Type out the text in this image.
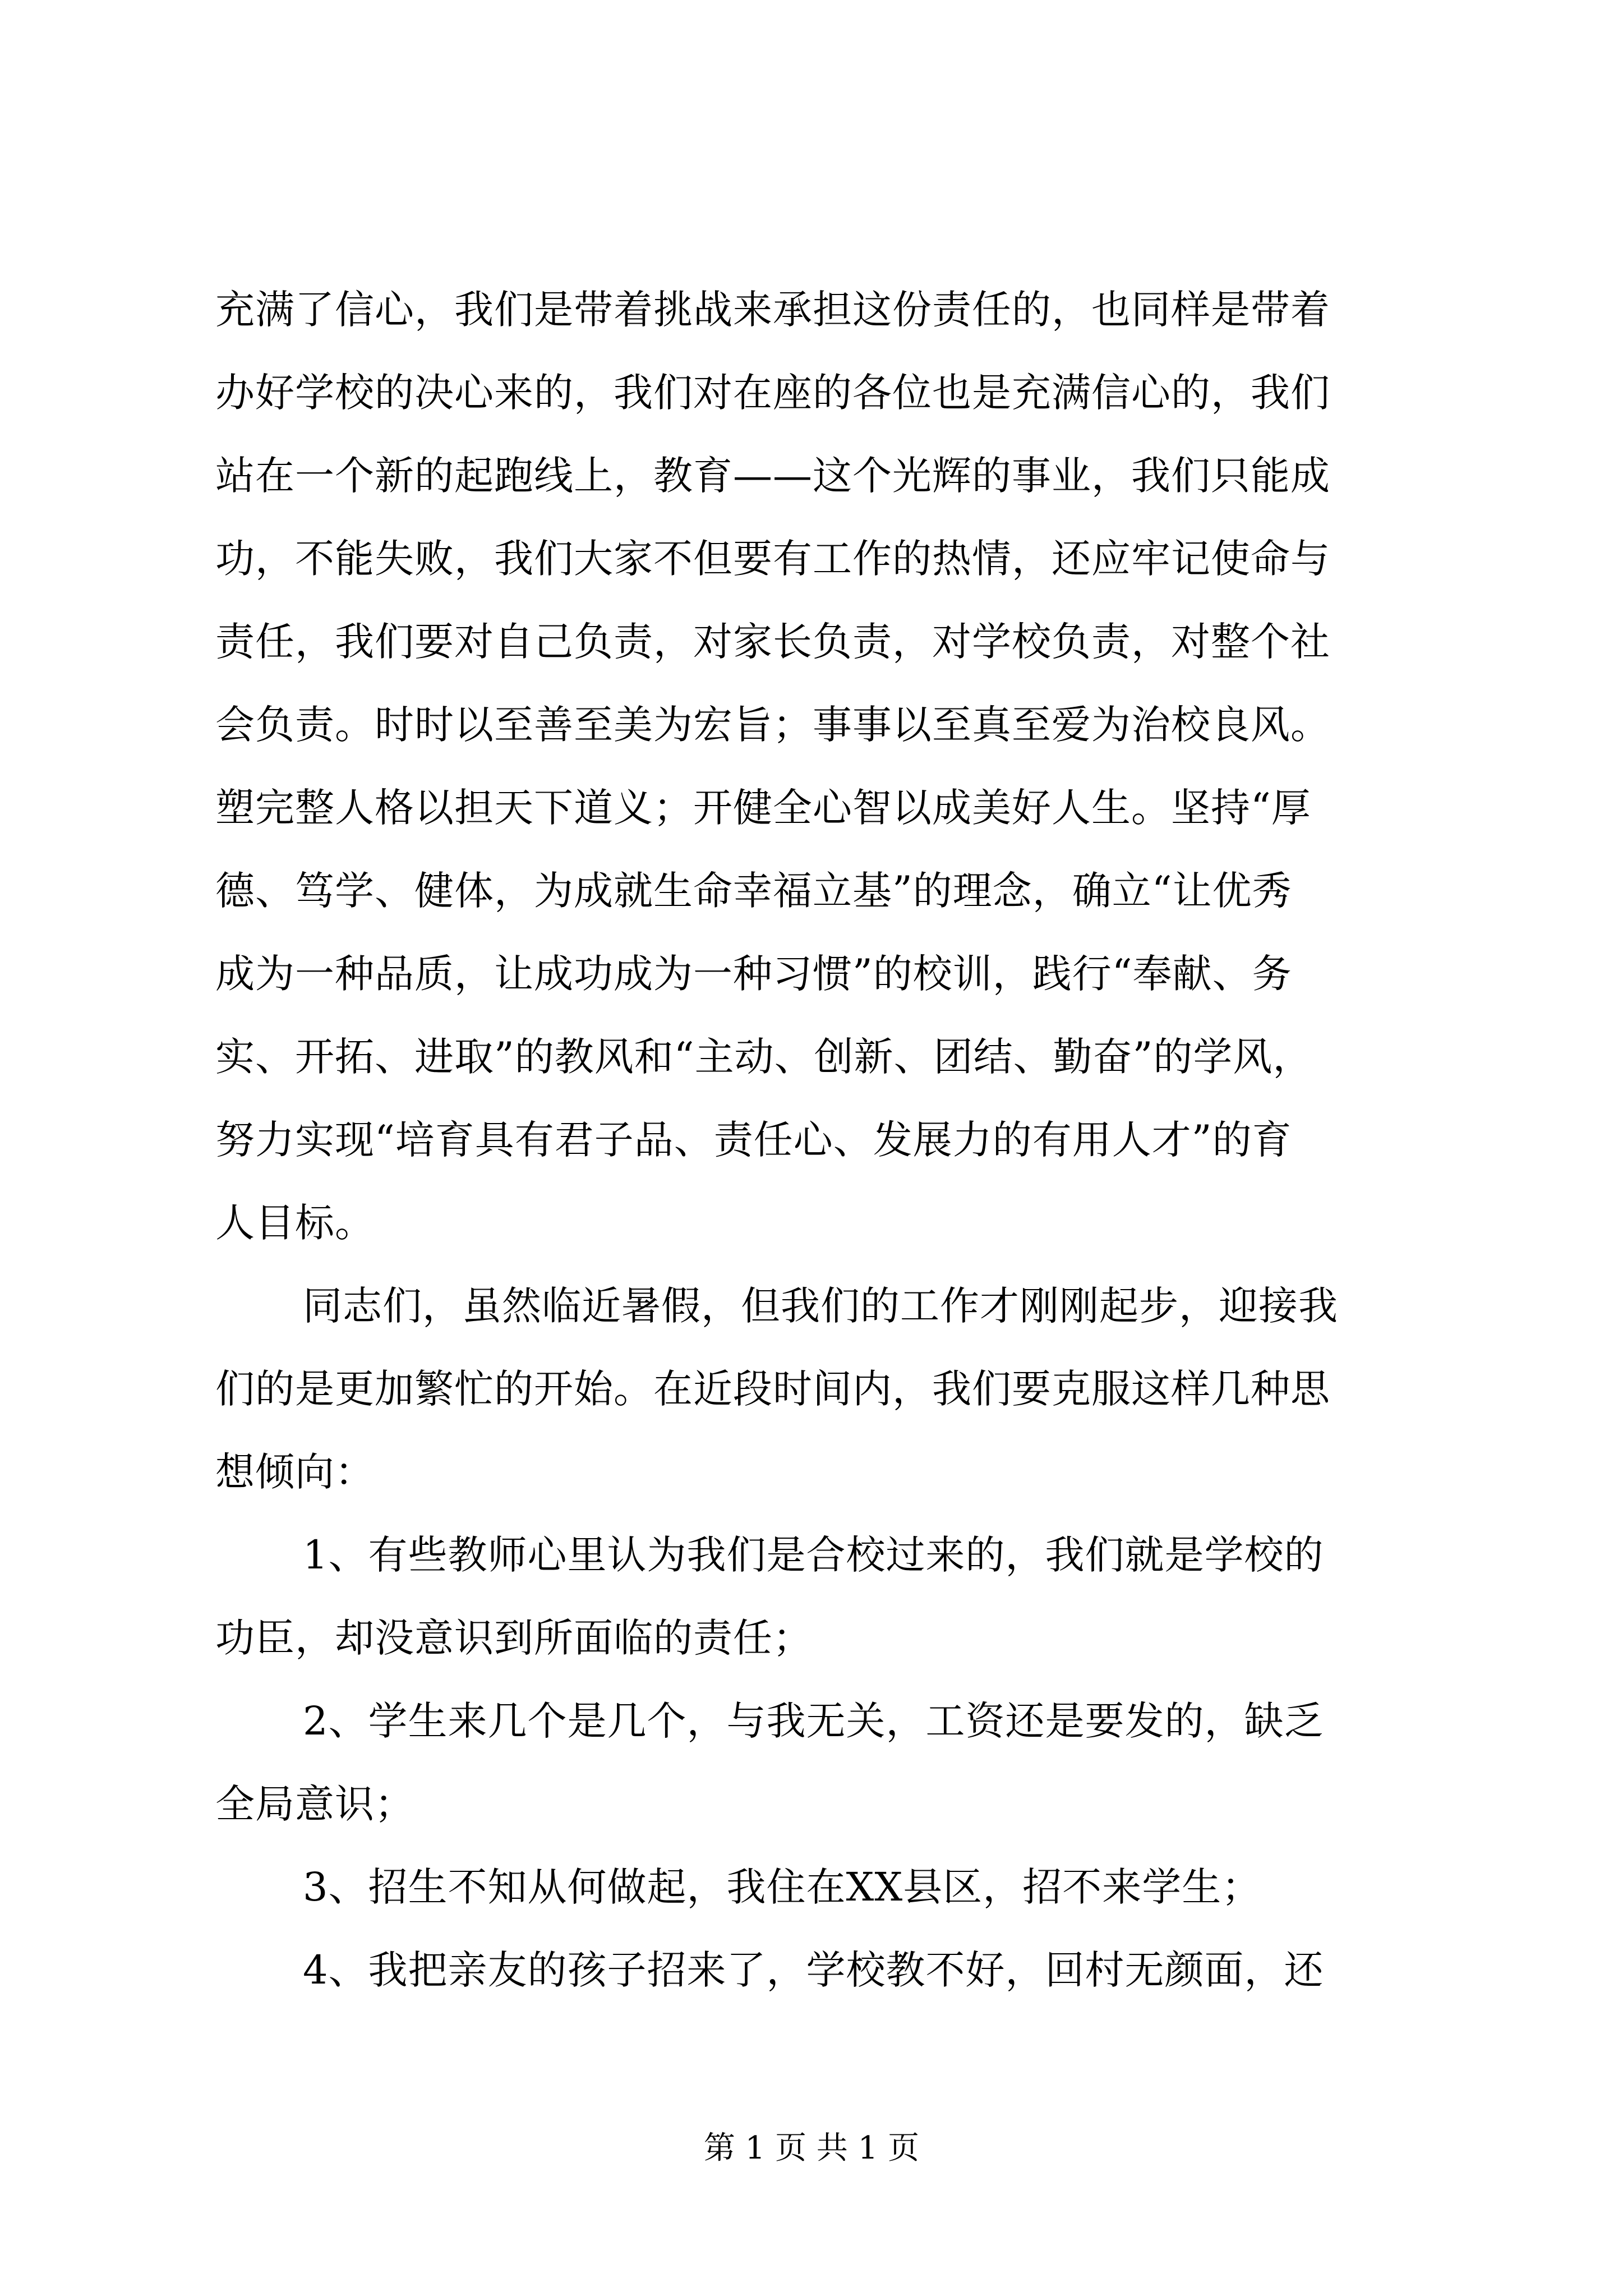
充满了信心，我们是带着挑战来承担这份责任的，也同样是带着
办好学校的决心来的，我们对在座的各位也是充满信心的，我们
站在一个新的起跑线上，教育——这个光辉的事业，我们只能成
功，不能失败，我们大家不但要有工作的热情，还应牢记使命与
责任，我们要对自己负责，对家长负责，对学校负责，对整个社
会负责。时时以至善至美为宏旨；事事以至真至爱为治校良风。
塑完整人格以担天下道义；开健全心智以成美好人生。坚持“厚
德、笃学、健体，为成就生命幸福立基”的理念，确立“让优秀
成为一种品质，让成功成为一种习惯”的校训，践行“奉献、务
实、开拓、进取”的教风和“主动、创新、团结、勤奋”的学风，
努力实现“培育具有君子品、责任心、发展力的有用人才”的育
人目标。
同志们，虽然临近暑假，但我们的工作才刚刚起步，迎接我
们的是更加繁忙的开始。在近段时间内，我们要克服这样几种思
想倾向：
1、有些教师心里认为我们是合校过来的，我们就是学校的
功臣，却没意识到所面临的责任；
2、学生来几个是几个，与我无关，工资还是要发的，缺乏
全局意识；
3、招生不知从何做起，我住在XX县区，招不来学生；
4、我把亲友的孩子招来了，学校教不好，回村无颜面，还
第 1 页 共 1 页
